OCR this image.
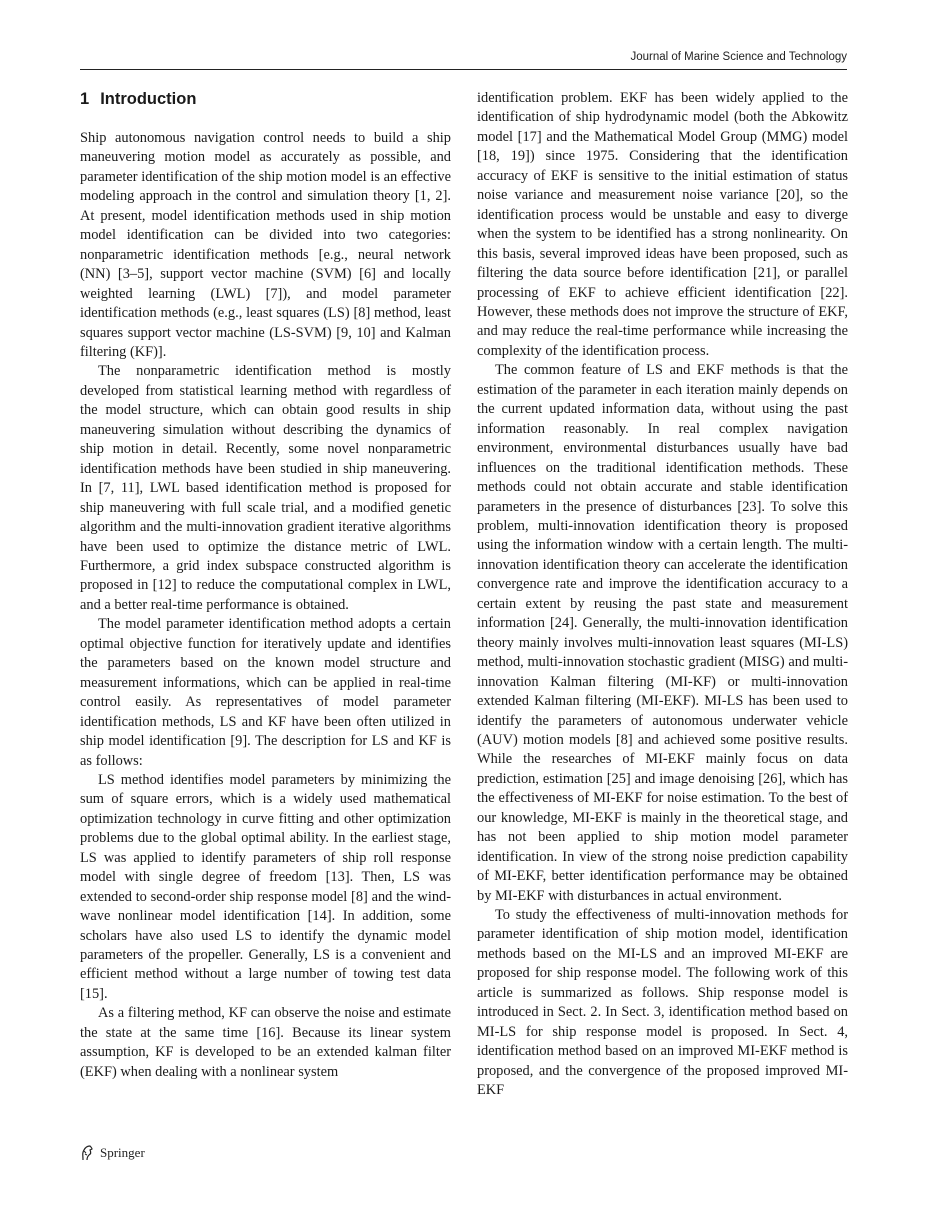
Journal of Marine Science and Technology
1 Introduction

Ship autonomous navigation control needs to build a ship maneuvering motion model as accurately as possible, and parameter identification of the ship motion model is an effective modeling approach in the control and simulation theory [1, 2]. At present, model identification methods used in ship motion model identification can be divided into two categories: nonparametric identification methods [e.g., neural network (NN) [3–5], support vector machine (SVM) [6] and locally weighted learning (LWL) [7]), and model parameter identification methods (e.g., least squares (LS) [8] method, least squares support vector machine (LS-SVM) [9, 10] and Kalman filtering (KF)].

The nonparametric identification method is mostly developed from statistical learning method with regardless of the model structure, which can obtain good results in ship maneuvering simulation without describing the dynamics of ship motion in detail. Recently, some novel nonparametric identification methods have been studied in ship maneuvering. In [7, 11], LWL based identification method is proposed for ship maneuvering with full scale trial, and a modified genetic algorithm and the multi-innovation gradient iterative algorithms have been used to optimize the distance metric of LWL. Furthermore, a grid index subspace constructed algorithm is proposed in [12] to reduce the computational complex in LWL, and a better real-time performance is obtained.

The model parameter identification method adopts a certain optimal objective function for iteratively update and identifies the parameters based on the known model structure and measurement informations, which can be applied in real-time control easily. As representatives of model parameter identification methods, LS and KF have been often utilized in ship model identification [9]. The description for LS and KF is as follows:

LS method identifies model parameters by minimizing the sum of square errors, which is a widely used mathematical optimization technology in curve fitting and other optimization problems due to the global optimal ability. In the earliest stage, LS was applied to identify parameters of ship roll response model with single degree of freedom [13]. Then, LS was extended to second-order ship response model [8] and the wind-wave nonlinear model identification [14]. In addition, some scholars have also used LS to identify the dynamic model parameters of the propeller. Generally, LS is a convenient and efficient method without a large number of towing test data [15].

As a filtering method, KF can observe the noise and estimate the state at the same time [16]. Because its linear system assumption, KF is developed to be an extended kalman filter (EKF) when dealing with a nonlinear system

identification problem. EKF has been widely applied to the identification of ship hydrodynamic model (both the Abkowitz model [17] and the Mathematical Model Group (MMG) model [18, 19]) since 1975. Considering that the identification accuracy of EKF is sensitive to the initial estimation of status noise variance and measurement noise variance [20], so the identification process would be unstable and easy to diverge when the system to be identified has a strong nonlinearity. On this basis, several improved ideas have been proposed, such as filtering the data source before identification [21], or parallel processing of EKF to achieve efficient identification [22]. However, these methods does not improve the structure of EKF, and may reduce the real-time performance while increasing the complexity of the identification process.

The common feature of LS and EKF methods is that the estimation of the parameter in each iteration mainly depends on the current updated information data, without using the past information reasonably. In real complex navigation environment, environmental disturbances usually have bad influences on the traditional identification methods. These methods could not obtain accurate and stable identification parameters in the presence of disturbances [23]. To solve this problem, multi-innovation identification theory is proposed using the information window with a certain length. The multi-innovation identification theory can accelerate the identification convergence rate and improve the identification accuracy to a certain extent by reusing the past state and measurement information [24]. Generally, the multi-innovation identification theory mainly involves multi-innovation least squares (MI-LS) method, multi-innovation stochastic gradient (MISG) and multi-innovation Kalman filtering (MI-KF) or multi-innovation extended Kalman filtering (MI-EKF). MI-LS has been used to identify the parameters of autonomous underwater vehicle (AUV) motion models [8] and achieved some positive results. While the researches of MI-EKF mainly focus on data prediction, estimation [25] and image denoising [26], which has the effectiveness of MI-EKF for noise estimation. To the best of our knowledge, MI-EKF is mainly in the theoretical stage, and has not been applied to ship motion model parameter identification. In view of the strong noise prediction capability of MI-EKF, better identification performance may be obtained by MI-EKF with disturbances in actual environment.

To study the effectiveness of multi-innovation methods for parameter identification of ship motion model, identification methods based on the MI-LS and an improved MI-EKF are proposed for ship response model. The following work of this article is summarized as follows. Ship response model is introduced in Sect. 2. In Sect. 3, identification method based on MI-LS for ship response model is proposed. In Sect. 4, identification method based on an improved MI-EKF method is proposed, and the convergence of the proposed improved MI-EKF

Springer
